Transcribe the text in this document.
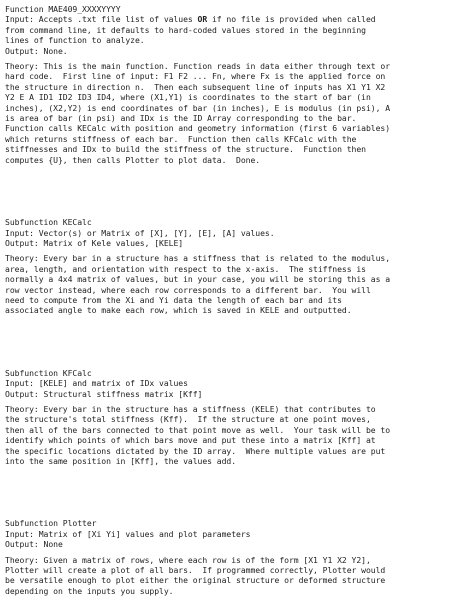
Function MAE409_XXXXYYYY
Input: Accepts .txt file list of values OR if no file is provided when called
from command line, it defaults to hard-coded values stored in the beginning
lines of function to analyze.
Output: None.
Theory: This is the main function. Function reads in data either through text or
hard code.  First line of input: F1 F2 ... Fn, where Fx is the applied force on
the structure in direction n.  Then each subsequent line of inputs has X1 Y1 X2
Y2 E A ID1 ID2 ID3 ID4, where (X1,Y1) is coordinates to the start of bar (in
inches), (X2,Y2) is end coordinates of bar (in inches), E is modulus (in psi), A
is area of bar (in psi) and IDx is the ID Array corresponding to the bar.
Function calls KECalc with position and geometry information (first 6 variables)
which returns stiffness of each bar.  Function then calls KFCalc with the
stiffnesses and IDx to build the stiffness of the structure.  Function then
computes {U}, then calls Plotter to plot data.  Done.
Subfunction KECalc
Input: Vector(s) or Matrix of [X], [Y], [E], [A] values.
Output: Matrix of Kele values, [KELE]
Theory: Every bar in a structure has a stiffness that is related to the modulus,
area, length, and orientation with respect to the x-axis.  The stiffness is
normally a 4x4 matrix of values, but in your case, you will be storing this as a
row vector instead, where each row corresponds to a different bar.  You will
need to compute from the Xi and Yi data the length of each bar and its
associated angle to make each row, which is saved in KELE and outputted.
Subfunction KFCalc
Input: [KELE] and matrix of IDx values
Output: Structural stiffness matrix [Kff]
Theory: Every bar in the structure has a stiffness (KELE) that contributes to
the structure's total stiffness (Kff).  If the structure at one point moves,
then all of the bars connected to that point move as well.  Your task will be to
identify which points of which bars move and put these into a matrix [Kff] at
the specific locations dictated by the ID array.  Where multiple values are put
into the same position in [Kff], the values add.
Subfunction Plotter
Input: Matrix of [Xi Yi] values and plot parameters
Output: None
Theory: Given a matrix of rows, where each row is of the form [X1 Y1 X2 Y2],
Plotter will create a plot of all bars.  If programmed correctly, Plotter would
be versatile enough to plot either the original structure or deformed structure
depending on the inputs you supply.
